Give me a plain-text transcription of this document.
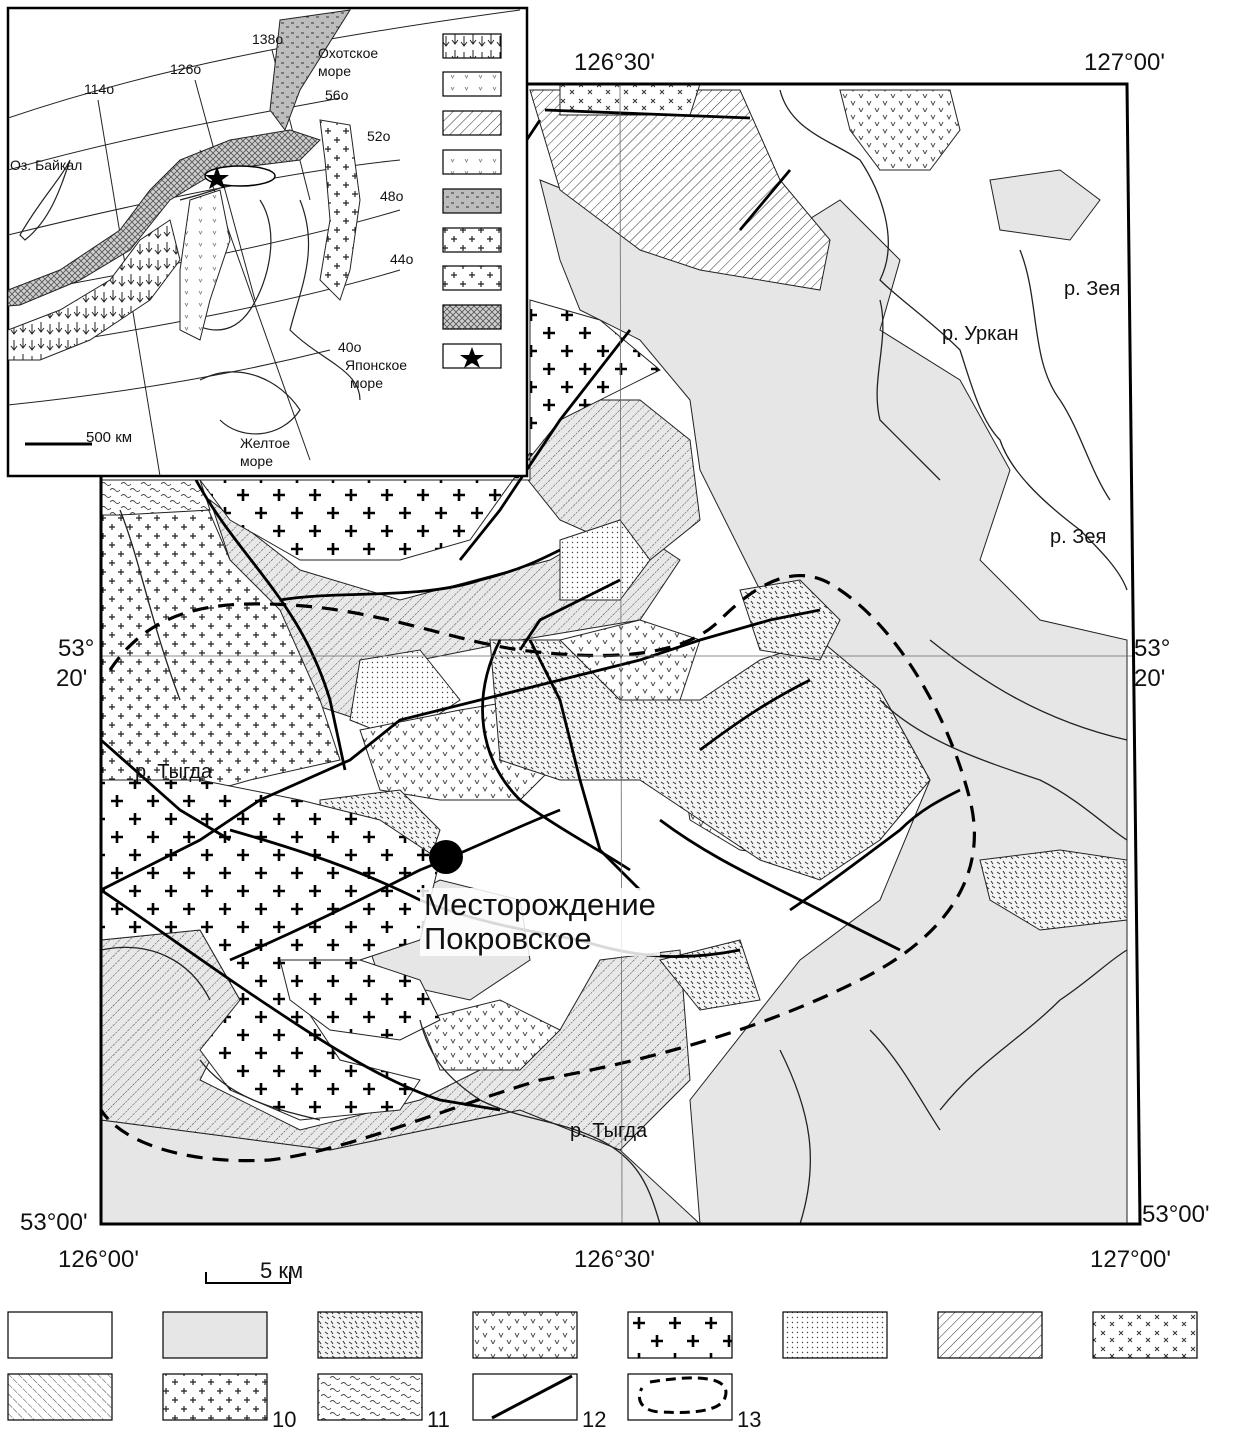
126°30'	127°00'
126°00'	126°30'	127°00'
53°
20'
53°
20'
53°00'	53°00'
р. Уркан
р. Зея
р. Зея
р. Тыгда
р. Тыгда
5 км
138о
126о
114о	56о
52о
48о
44о
40о
Охотское
море
Японское
море
Желтое
море
Оз. Байкал
500 км
10	11	12	13
Месторождение
Покровское
